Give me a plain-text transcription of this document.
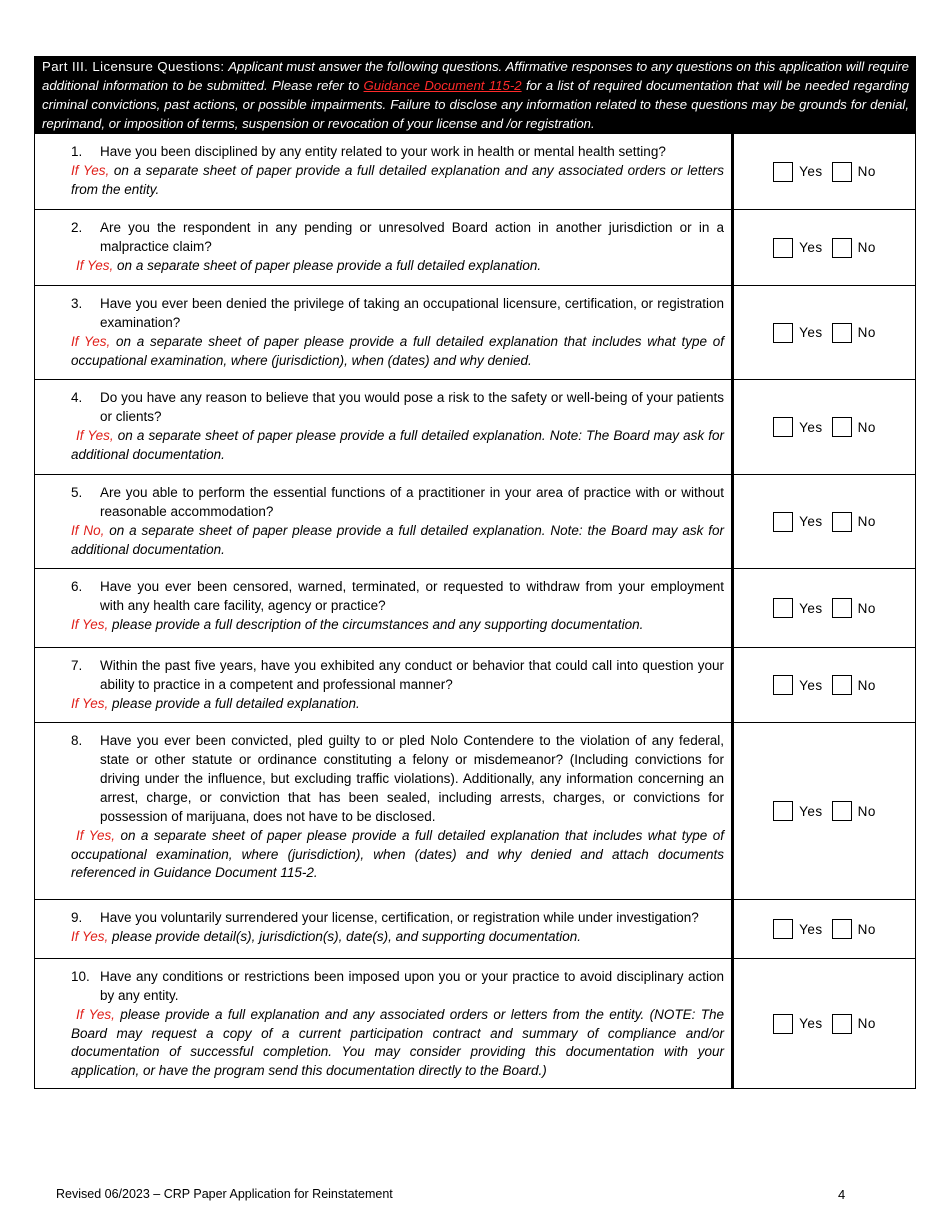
Part III. Licensure Questions: Applicant must answer the following questions. Affirmative responses to any questions on this application will require additional information to be submitted. Please refer to Guidance Document 115-2 for a list of required documentation that will be needed regarding criminal convictions, past actions, or possible impairments. Failure to disclose any information related to these questions may be grounds for denial, reprimand, or imposition of terms, suspension or revocation of your license and /or registration.
1.	Have you been disciplined by any entity related to your work in health or mental health setting?
If Yes, on a separate sheet of paper provide a full detailed explanation and any associated orders or letters from the entity.
Yes	No
2.	Are you the respondent in any pending or unresolved Board action in another jurisdiction or in a malpractice claim?
If Yes, on a separate sheet of paper please provide a full detailed explanation.
Yes	No
3.	Have you ever been denied the privilege of taking an occupational licensure, certification, or registration examination?
If Yes, on a separate sheet of paper please provide a full detailed explanation that includes what type of occupational examination, where (jurisdiction), when (dates) and why denied.
Yes	No
4.	Do you have any reason to believe that you would pose a risk to the safety or well-being of your patients or clients?
If Yes, on a separate sheet of paper please provide a full detailed explanation. Note: The Board may ask for additional documentation.
Yes	No
5.	Are you able to perform the essential functions of a practitioner in your area of practice with or without reasonable accommodation?
If No, on a separate sheet of paper please provide a full detailed explanation. Note: the Board may ask for additional documentation.
Yes	No
6.	Have you ever been censored, warned, terminated, or requested to withdraw from your employment with any health care facility, agency or practice?
If Yes, please provide a full description of the circumstances and any supporting documentation.
Yes	No
7.	Within the past five years, have you exhibited any conduct or behavior that could call into question your ability to practice in a competent and professional manner?
If Yes, please provide a full detailed explanation.
Yes	No
8.	Have you ever been convicted, pled guilty to or pled Nolo Contendere to the violation of any federal, state or other statute or ordinance constituting a felony or misdemeanor? (Including convictions for driving under the influence, but excluding traffic violations). Additionally, any information concerning an arrest, charge, or conviction that has been sealed, including arrests, charges, or convictions for possession of marijuana, does not have to be disclosed.
If Yes, on a separate sheet of paper please provide a full detailed explanation that includes what type of occupational examination, where (jurisdiction), when (dates) and why denied and attach documents referenced in Guidance Document 115-2.
Yes	No
9.	Have you voluntarily surrendered your license, certification, or registration while under investigation?
If Yes, please provide detail(s), jurisdiction(s), date(s), and supporting documentation.	Yes	No
10. Have any conditions or restrictions been imposed upon you or your practice to avoid disciplinary action by any entity.
If Yes, please provide a full explanation and any associated orders or letters from the entity. (NOTE: The Board may request a copy of a current participation contract and summary of compliance and/or documentation of successful completion. You may consider providing this documentation with your application, or have the program send this documentation directly to the Board.)
Yes	No
Revised 06/2023 – CRP Paper Application for Reinstatement	4
